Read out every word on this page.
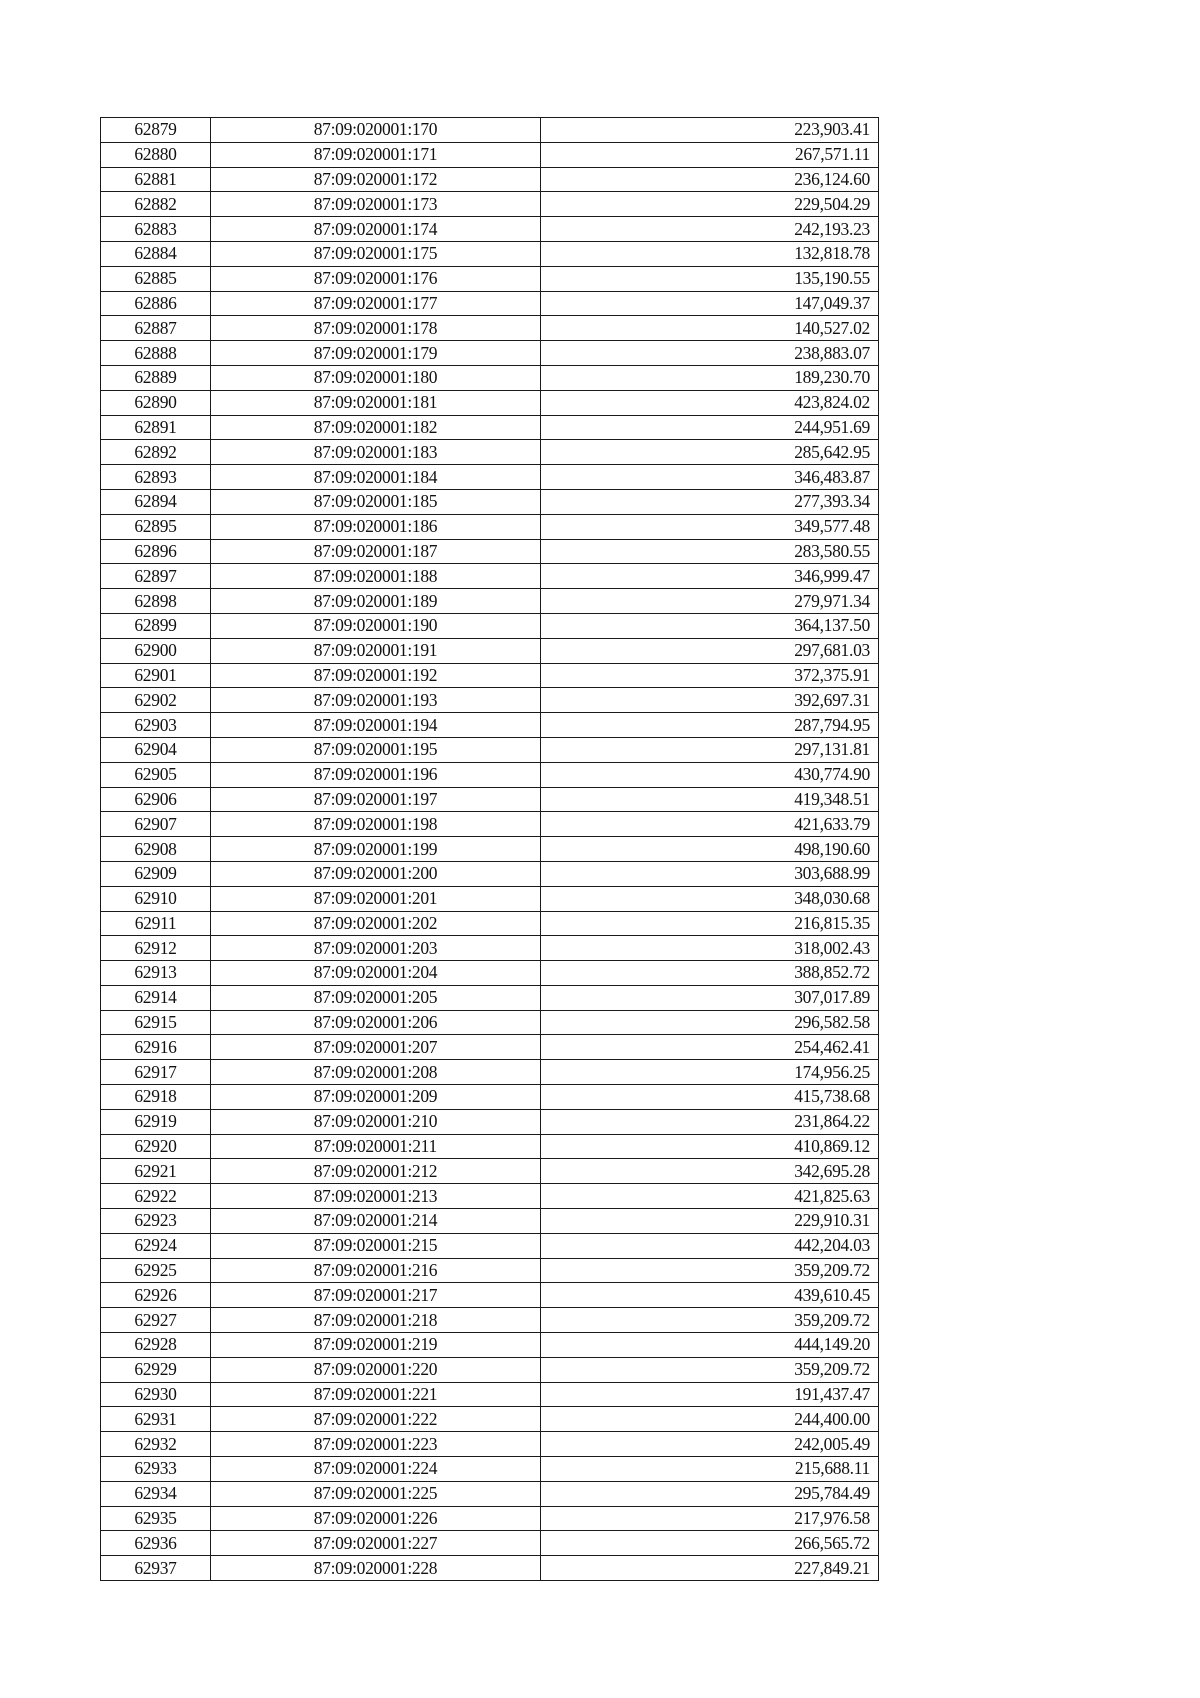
62879	87:09:020001:170	223,903.41
62880	87:09:020001:171	267,571.11
62881	87:09:020001:172	236,124.60
62882	87:09:020001:173	229,504.29
62883	87:09:020001:174	242,193.23
62884	87:09:020001:175	132,818.78
62885	87:09:020001:176	135,190.55
62886	87:09:020001:177	147,049.37
62887	87:09:020001:178	140,527.02
62888	87:09:020001:179	238,883.07
62889	87:09:020001:180	189,230.70
62890	87:09:020001:181	423,824.02
62891	87:09:020001:182	244,951.69
62892	87:09:020001:183	285,642.95
62893	87:09:020001:184	346,483.87
62894	87:09:020001:185	277,393.34
62895	87:09:020001:186	349,577.48
62896	87:09:020001:187	283,580.55
62897	87:09:020001:188	346,999.47
62898	87:09:020001:189	279,971.34
62899	87:09:020001:190	364,137.50
62900	87:09:020001:191	297,681.03
62901	87:09:020001:192	372,375.91
62902	87:09:020001:193	392,697.31
62903	87:09:020001:194	287,794.95
62904	87:09:020001:195	297,131.81
62905	87:09:020001:196	430,774.90
62906	87:09:020001:197	419,348.51
62907	87:09:020001:198	421,633.79
62908	87:09:020001:199	498,190.60
62909	87:09:020001:200	303,688.99
62910	87:09:020001:201	348,030.68
62911	87:09:020001:202	216,815.35
62912	87:09:020001:203	318,002.43
62913	87:09:020001:204	388,852.72
62914	87:09:020001:205	307,017.89
62915	87:09:020001:206	296,582.58
62916	87:09:020001:207	254,462.41
62917	87:09:020001:208	174,956.25
62918	87:09:020001:209	415,738.68
62919	87:09:020001:210	231,864.22
62920	87:09:020001:211	410,869.12
62921	87:09:020001:212	342,695.28
62922	87:09:020001:213	421,825.63
62923	87:09:020001:214	229,910.31
62924	87:09:020001:215	442,204.03
62925	87:09:020001:216	359,209.72
62926	87:09:020001:217	439,610.45
62927	87:09:020001:218	359,209.72
62928	87:09:020001:219	444,149.20
62929	87:09:020001:220	359,209.72
62930	87:09:020001:221	191,437.47
62931	87:09:020001:222	244,400.00
62932	87:09:020001:223	242,005.49
62933	87:09:020001:224	215,688.11
62934	87:09:020001:225	295,784.49
62935	87:09:020001:226	217,976.58
62936	87:09:020001:227	266,565.72
62937	87:09:020001:228	227,849.21
